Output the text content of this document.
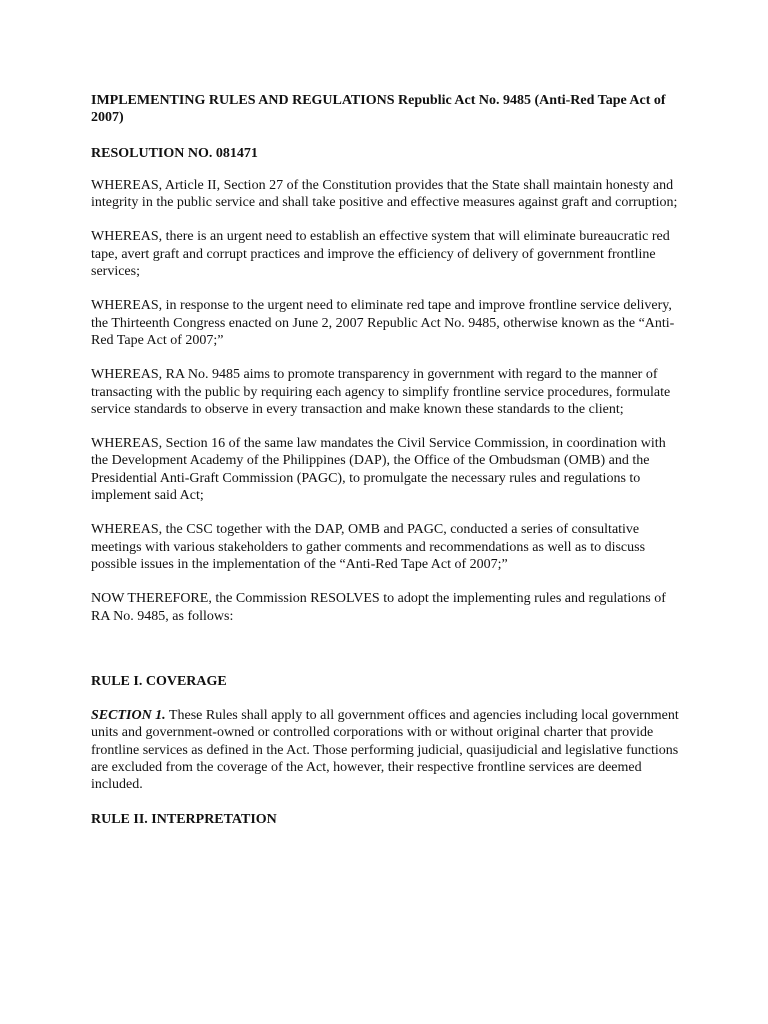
IMPLEMENTING RULES AND REGULATIONS Republic Act No. 9485 (Anti-Red Tape Act of 2007)

RESOLUTION NO. 081471

WHEREAS, Article II, Section 27 of the Constitution provides that the State shall maintain honesty and integrity in the public service and shall take positive and effective measures against graft and corruption;

WHEREAS, there is an urgent need to establish an effective system that will eliminate bureaucratic red tape, avert graft and corrupt practices and improve the efficiency of delivery of government frontline services;

WHEREAS, in response to the urgent need to eliminate red tape and improve frontline service delivery, the Thirteenth Congress enacted on June 2, 2007 Republic Act No. 9485, otherwise known as the “Anti-Red Tape Act of 2007;”

WHEREAS, RA No. 9485 aims to promote transparency in government with regard to the manner of transacting with the public by requiring each agency to simplify frontline service procedures, formulate service standards to observe in every transaction and make known these standards to the client;

WHEREAS, Section 16 of the same law mandates the Civil Service Commission, in coordination with the Development Academy of the Philippines (DAP), the Office of the Ombudsman (OMB) and the Presidential Anti-Graft Commission (PAGC), to promulgate the necessary rules and regulations to implement said Act;

WHEREAS, the CSC together with the DAP, OMB and PAGC, conducted a series of consultative meetings with various stakeholders to gather comments and recommendations as well as to discuss possible issues in the implementation of the “Anti-Red Tape Act of 2007;”

NOW THEREFORE, the Commission RESOLVES to adopt the implementing rules and regulations of RA No. 9485, as follows:

RULE I. COVERAGE

SECTION 1. These Rules shall apply to all government offices and agencies including local government units and government-owned or controlled corporations with or without original charter that provide frontline services as defined in the Act. Those performing judicial, quasijudicial and legislative functions are excluded from the coverage of the Act, however, their respective frontline services are deemed included.

RULE II. INTERPRETATION
